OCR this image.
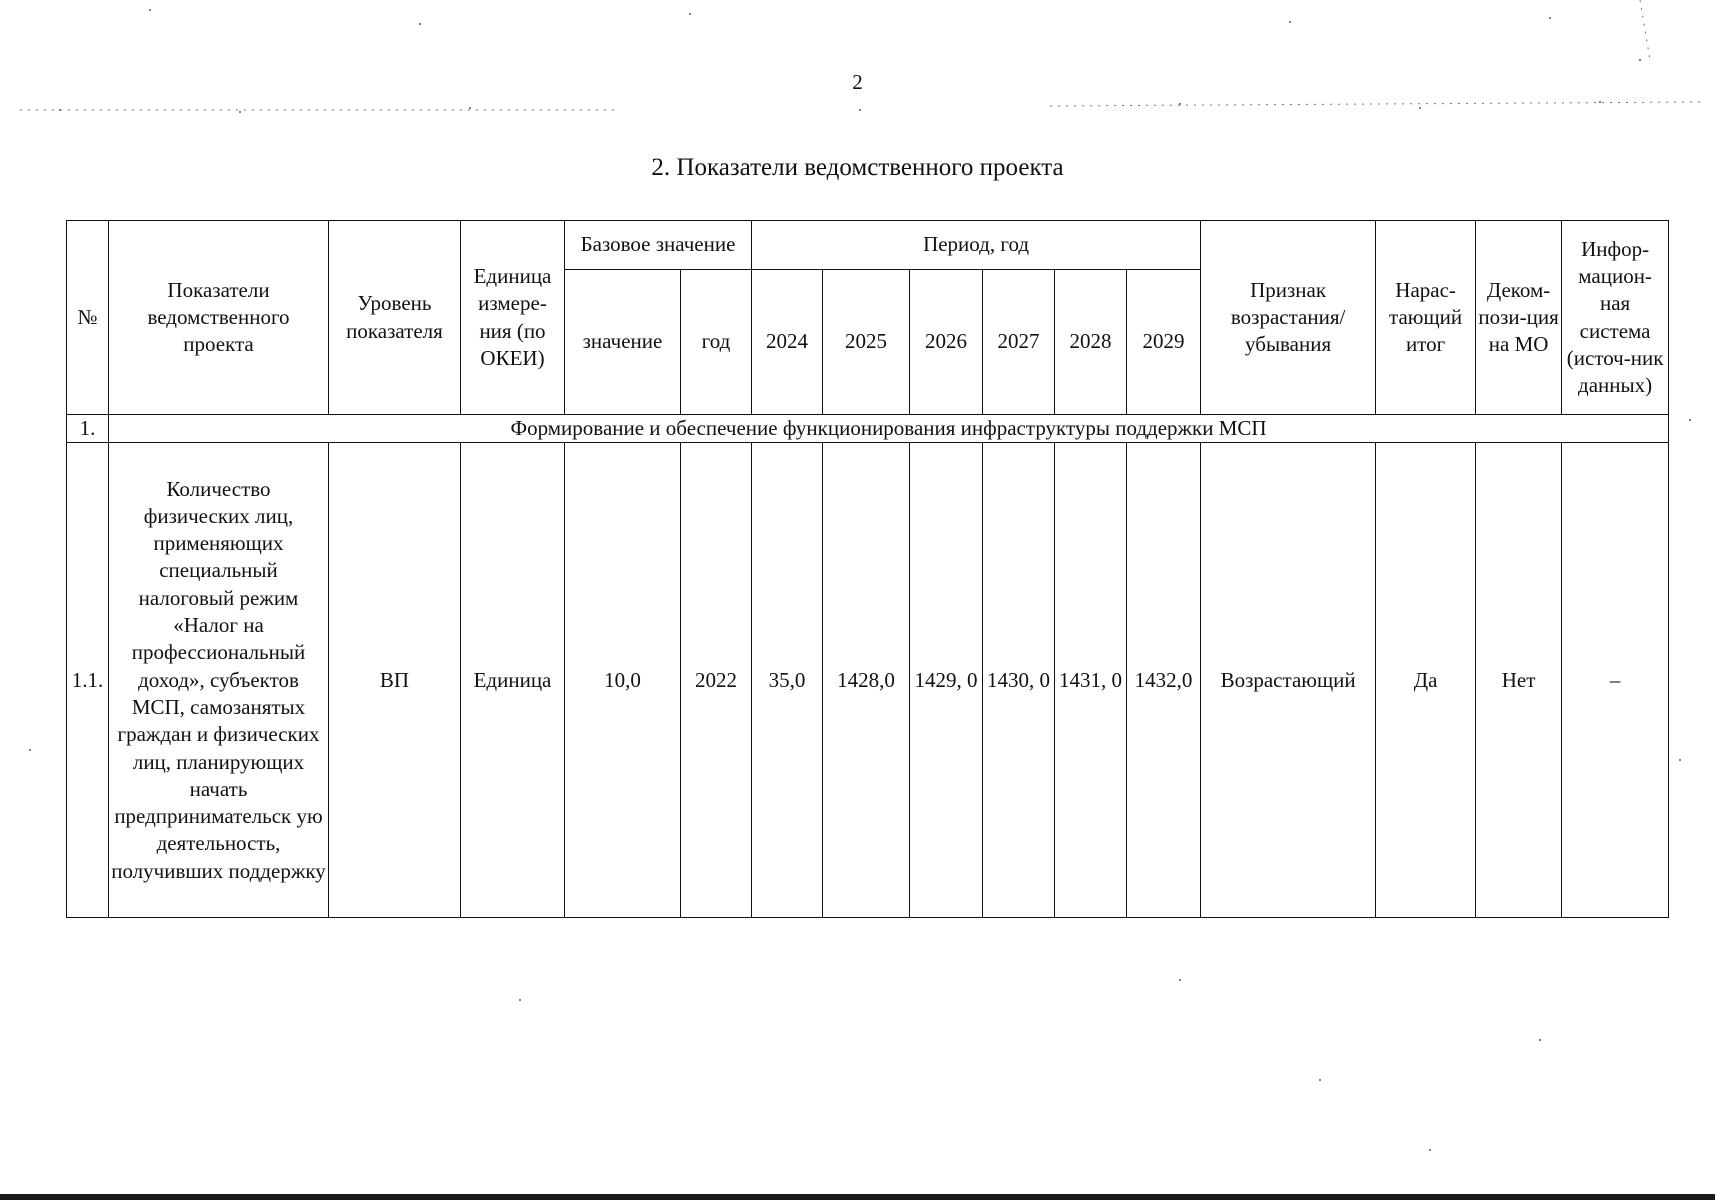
2
2. Показатели ведомственного проекта
№	Показатели ведомственного проекта	Уровень показателя	Единица измере-ния (по ОКЕИ)	Базовое значение		Период, год						Признак возрастания/ убывания	Нарас-тающий итог	Деком-пози-ция на МО	Инфор-мацион-ная система (источ-ник данных)
				значение	год	2024	2025	2026	2027	2028	2029				
1.	Формирование и обеспечение функционирования инфраструктуры поддержки МСП														
1.1.	Количество физических лиц, применяющих специальный налоговый режим «Налог на профессиональный доход», субъектов МСП, самозанятых граждан и физических лиц, планирующих начать предпринимательск ую деятельность, получивших поддержку	ВП	Единица	10,0	2022	35,0	1428,0	1429, 0	1430, 0	1431, 0	1432,0	Возрастающий	Да	Нет	–
